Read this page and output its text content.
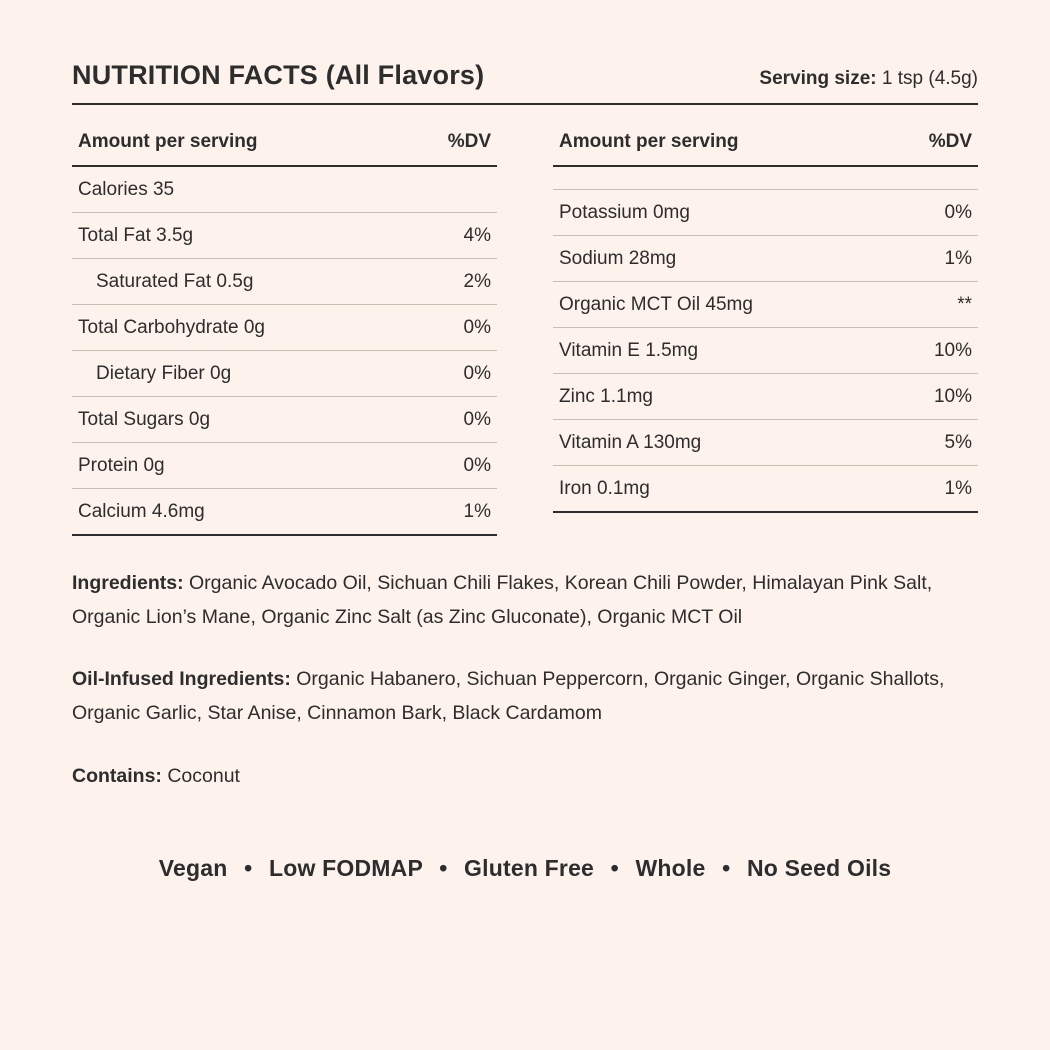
NUTRITION FACTS (All Flavors)	Serving size: 1 tsp (4.5g)
Amount per serving	%DV
Calories 35
Total Fat 3.5g	4%
Saturated Fat 0.5g	2%
Total Carbohydrate 0g	0%
Dietary Fiber 0g	0%
Total Sugars 0g	0%
Protein 0g	0%
Calcium 4.6mg	1%
Amount per serving	%DV
Potassium 0mg	0%
Sodium 28mg	1%
Organic MCT Oil 45mg	**
Vitamin E 1.5mg	10%
Zinc 1.1mg	10%
Vitamin A 130mg	5%
Iron 0.1mg	1%
Ingredients: Organic Avocado Oil, Sichuan Chili Flakes, Korean Chili Powder, Himalayan Pink Salt, Organic Lion’s Mane, Organic Zinc Salt (as Zinc Gluconate), Organic MCT Oil
Oil-Infused Ingredients: Organic Habanero, Sichuan Peppercorn, Organic Ginger, Organic Shallots, Organic Garlic, Star Anise, Cinnamon Bark, Black Cardamom
Contains: Coconut
Vegan • Low FODMAP • Gluten Free • Whole • No Seed Oils
